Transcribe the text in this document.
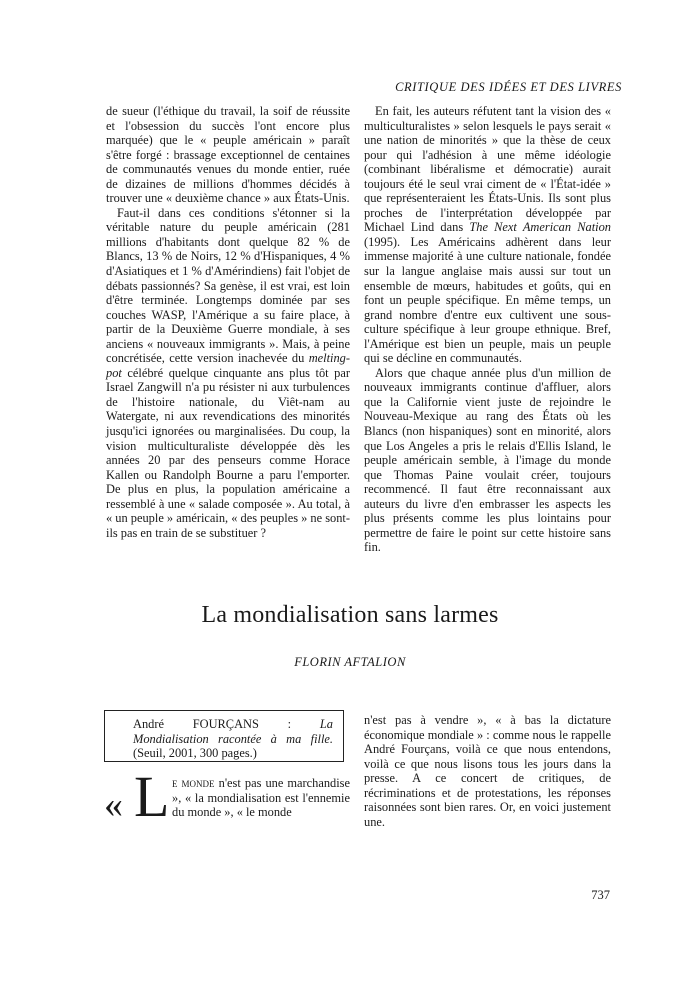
CRITIQUE DES IDÉES ET DES LIVRES

de sueur (l'éthique du travail, la soif de réussite et l'obsession du succès l'ont encore plus marquée) que le « peuple américain » paraît s'être forgé : brassage exceptionnel de centaines de communautés venues du monde entier, ruée de dizaines de millions d'hommes décidés à trouver une « deuxième chance » aux États-Unis.

Faut-il dans ces conditions s'étonner si la véritable nature du peuple américain (281 millions d'habitants dont quelque 82 % de Blancs, 13 % de Noirs, 12 % d'Hispaniques, 4 % d'Asiatiques et 1 % d'Amérindiens) fait l'objet de débats passionnés? Sa genèse, il est vrai, est loin d'être terminée. Longtemps dominée par ses couches WASP, l'Amérique a su faire place, à partir de la Deuxième Guerre mondiale, à ses anciens « nouveaux immigrants ». Mais, à peine concrétisée, cette version inachevée du melting-pot célébré quelque cinquante ans plus tôt par Israel Zangwill n'a pu résister ni aux turbulences de l'histoire nationale, du Viêt-nam au Watergate, ni aux revendications des minorités jusqu'ici ignorées ou marginalisées. Du coup, la vision multiculturaliste développée dès les années 20 par des penseurs comme Horace Kallen ou Randolph Bourne a paru l'emporter. De plus en plus, la population américaine a ressemblé à une « salade composée ». Au total, à « un peuple » américain, « des peuples » ne sont-ils pas en train de se substituer ?

En fait, les auteurs réfutent tant la vision des « multiculturalistes » selon lesquels le pays serait « une nation de minorités » que la thèse de ceux pour qui l'adhésion à une même idéologie (combinant libéralisme et démocratie) aurait toujours été le seul vrai ciment de « l'État-idée » que représenteraient les États-Unis. Ils sont plus proches de l'interprétation développée par Michael Lind dans The Next American Nation (1995). Les Américains adhèrent dans leur immense majorité à une culture nationale, fondée sur la langue anglaise mais aussi sur tout un ensemble de mœurs, habitudes et goûts, qui en font un peuple spécifique. En même temps, un grand nombre d'entre eux cultivent une sous-culture spécifique à leur groupe ethnique. Bref, l'Amérique est bien un peuple, mais un peuple qui se décline en communautés.

Alors que chaque année plus d'un million de nouveaux immigrants continue d'affluer, alors que la Californie vient juste de rejoindre le Nouveau-Mexique au rang des États où les Blancs (non hispaniques) sont en minorité, alors que Los Angeles a pris le relais d'Ellis Island, le peuple américain semble, à l'image du monde que Thomas Paine voulait créer, toujours recommencé. Il faut être reconnaissant aux auteurs du livre d'en embrasser les aspects les plus présents comme les plus lointains pour permettre de faire le point sur cette histoire sans fin.

La mondialisation sans larmes
FLORIN AFTALION
André FOURÇANS : La Mondialisation racontée à ma fille. (Seuil, 2001, 300 pages.)
« L e monde n'est pas une marchandise », « la mondialisation est l'ennemie du monde », « le monde

n'est pas à vendre », « à bas la dictature économique mondiale » : comme nous le rappelle André Fourçans, voilà ce que nous entendons, voilà ce que nous lisons tous les jours dans la presse. A ce concert de critiques, de récriminations et de protestations, les réponses raisonnées sont bien rares. Or, en voici justement une.

737
